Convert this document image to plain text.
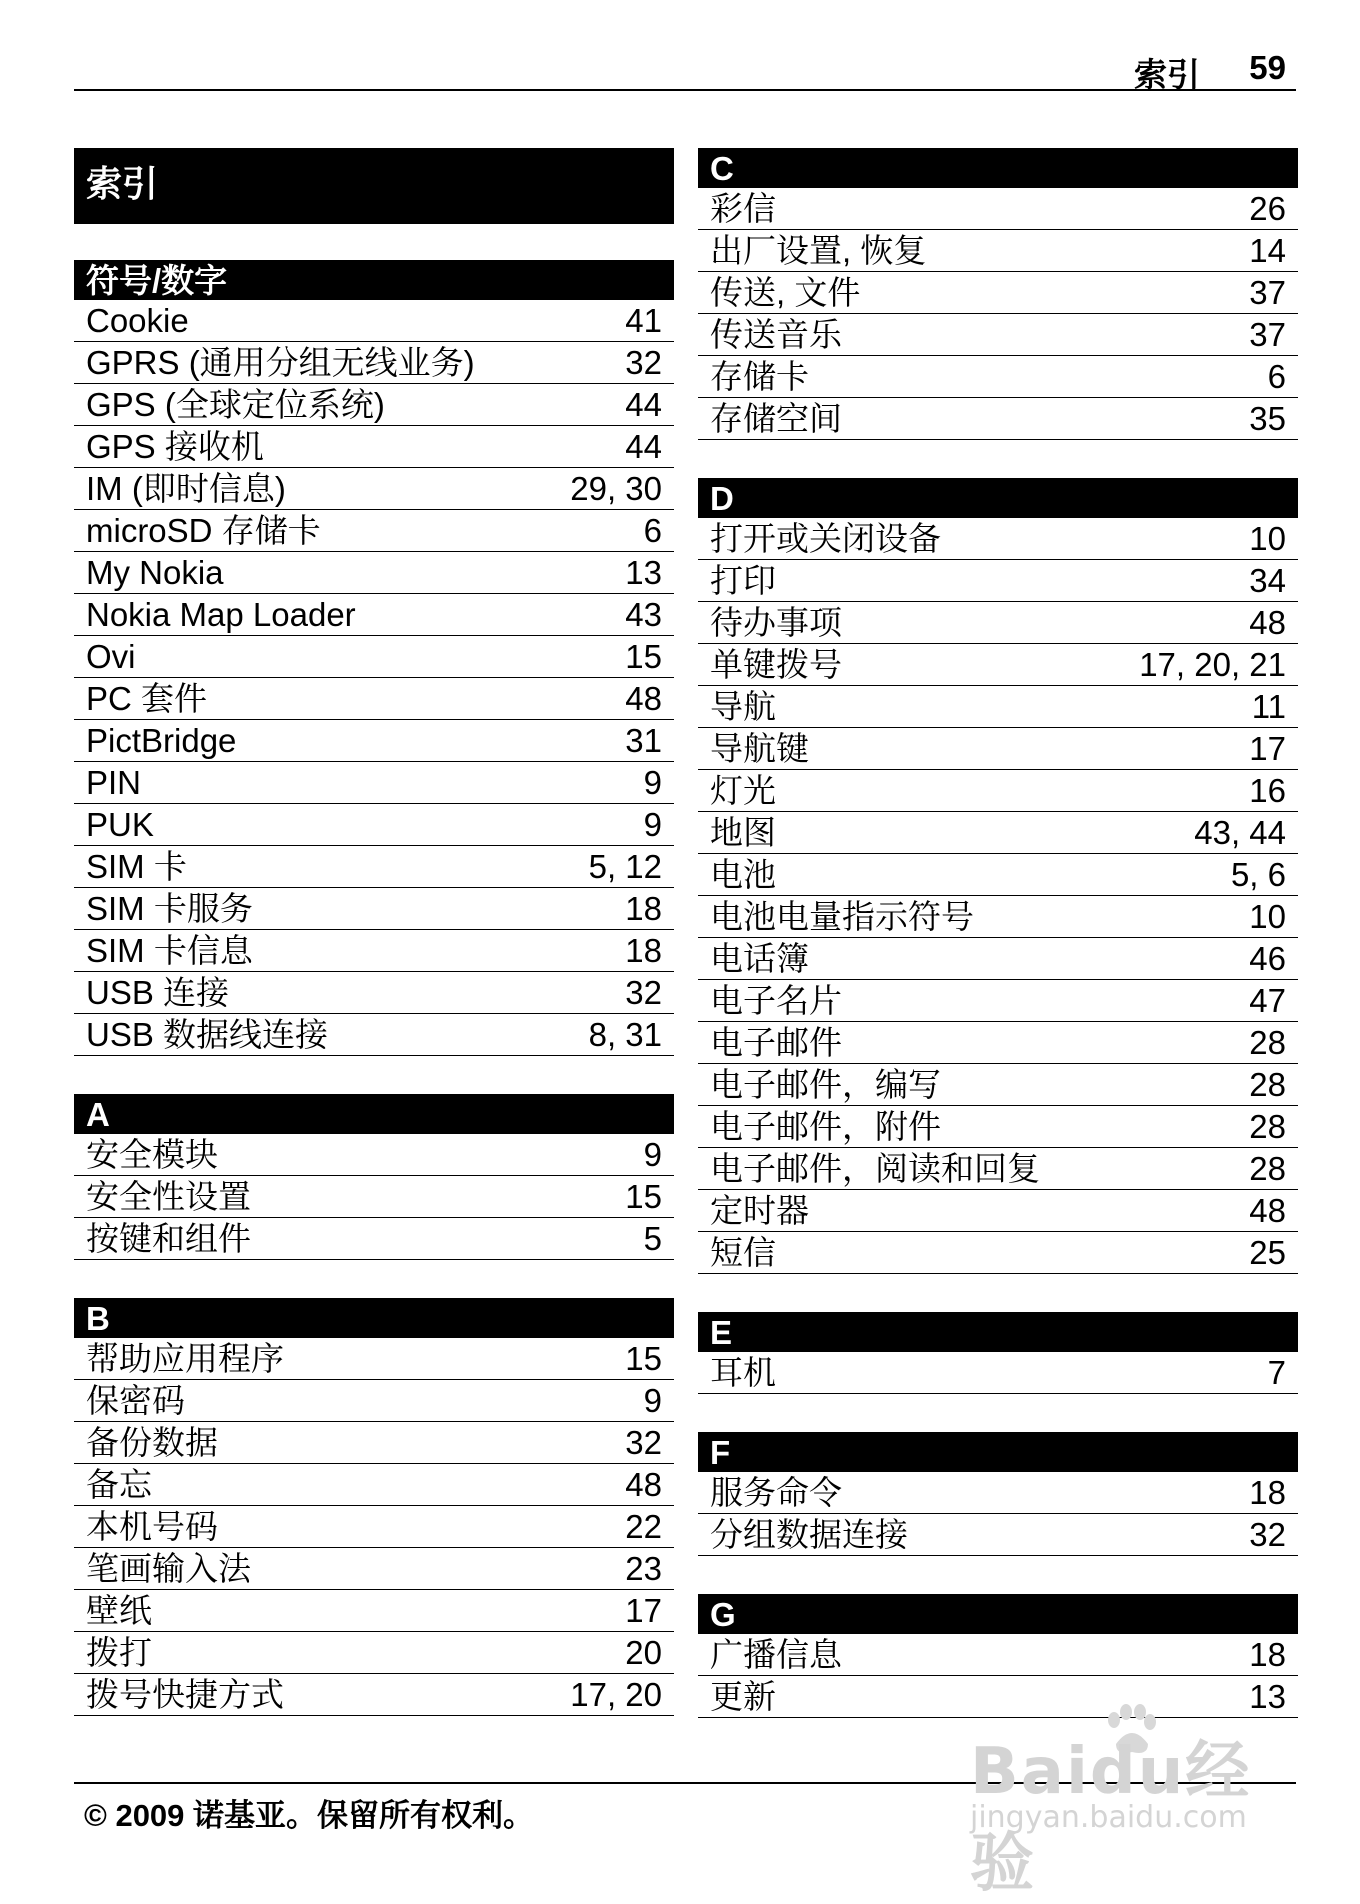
索引 59
索引
符号/数字
Cookie	41
GPRS (通用分组无线业务)	32
GPS (全球定位系统)	44
GPS 接收机	44
IM (即时信息)	29, 30
microSD 存储卡	6
My Nokia	13
Nokia Map Loader	43
Ovi	15
PC 套件	48
PictBridge	31
PIN	9
PUK	9
SIM 卡	5, 12
SIM 卡服务	18
SIM 卡信息	18
USB 连接	32
USB 数据线连接	8, 31
A
安全模块	9
安全性设置	15
按键和组件	5
B
帮助应用程序	15
保密码	9
备份数据	32
备忘	48
本机号码	22
笔画输入法	23
壁纸	17
拨打	20
拨号快捷方式	17, 20
C
彩信	26
出厂设置, 恢复	14
传送, 文件	37
传送音乐	37
存储卡	6
存储空间	35
D
打开或关闭设备	10
打印	34
待办事项	48
单键拨号	17, 20, 21
导航	11
导航键	17
灯光	16
地图	43, 44
电池	5, 6
电池电量指示符号	10
电话簿	46
电子名片	47
电子邮件	28
电子邮件，编写	28
电子邮件，附件	28
电子邮件，阅读和回复	28
定时器	48
短信	25
E
耳机	7
F
服务命令	18
分组数据连接	32
G
广播信息	18
更新	13
© 2009 诺基亚。保留所有权利。
Baidu经验
jingyan.baidu.com
